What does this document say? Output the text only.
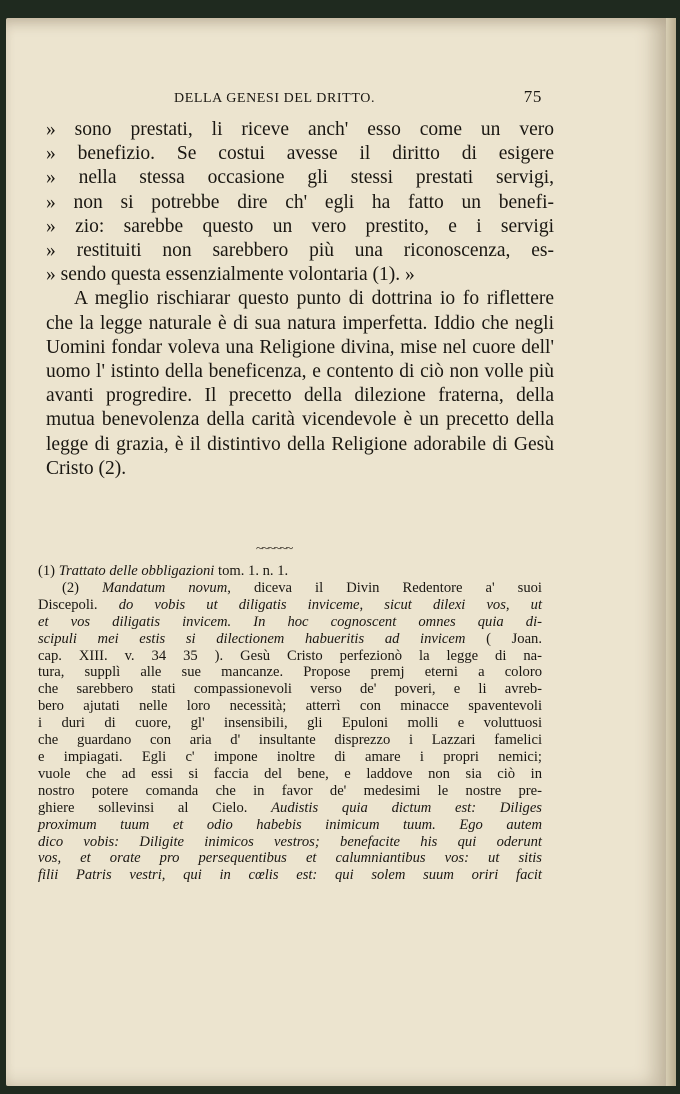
DELLA GENESI DEL DRITTO.	75
» sono prestati, li riceve anch' esso come un vero
» benefizio. Se costui avesse il diritto di esigere
» nella stessa occasione gli stessi prestati servigi,
» non si potrebbe dire ch' egli ha fatto un benefi-
» zio: sarebbe questo un vero prestito, e i servigi
» restituiti non sarebbero più una riconoscenza, es-
» sendo questa essenzialmente volontaria (1). »

A meglio rischiarar questo punto di dottrina io fo riflettere che la legge naturale è di sua natura imperfetta. Iddio che negli Uomini fondar voleva una Religione divina, mise nel cuore dell' uomo l' istinto della beneficenza, e contento di ciò non volle più avanti progredire. Il precetto della dilezione fraterna, della mutua benevolenza della carità vicendevole è un precetto della legge di grazia, è il distintivo della Religione adorabile di Gesù Cristo (2).

~~~~~~
(1) Trattato delle obbligazioni tom. 1. n. 1.
(2) Mandatum novum, diceva il Divin Redentore a' suoi
Discepoli. do vobis ut diligatis inviceme, sicut dilexi vos, ut
et vos diligatis invicem. In hoc cognoscent omnes quia di-
scipuli mei estis si dilectionem habueritis ad invicem ( Joan.
cap. XIII. v. 34 35 ). Gesù Cristo perfezionò la legge di na-
tura, supplì alle sue mancanze. Propose premj eterni a coloro
che sarebbero stati compassionevoli verso de' poveri, e li avreb-
bero ajutati nelle loro necessità; atterrì con minacce spaventevoli
i duri di cuore, gl' insensibili, gli Epuloni molli e voluttuosi
che guardano con aria d' insultante disprezzo i Lazzari famelici
e impiagati. Egli c' impone inoltre di amare i propri nemici;
vuole che ad essi si faccia del bene, e laddove non sia ciò in
nostro potere comanda che in favor de' medesimi le nostre pre-
ghiere sollevinsi al Cielo. Audistis quia dictum est: Diliges
proximum tuum et odio habebis inimicum tuum. Ego autem
dico vobis: Diligite inimicos vestros; benefacite his qui oderunt
vos, et orate pro persequentibus et calumniantibus vos: ut sitis
filii Patris vestri, qui in cœlis est: qui solem suum oriri facit
